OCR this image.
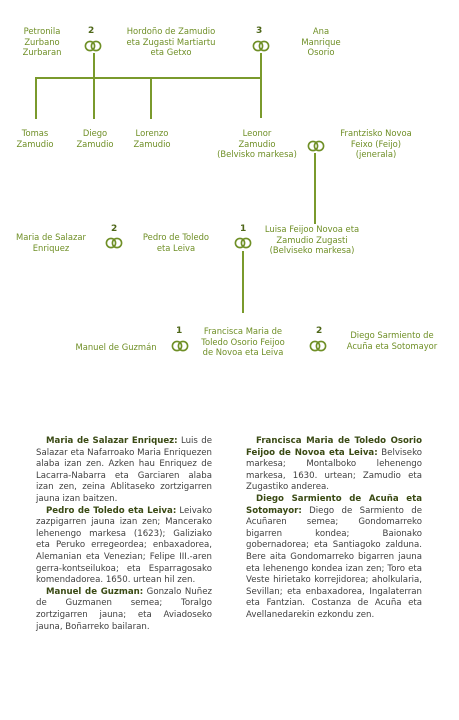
Petronila
Zurbano
Zurbaran
2	Hordoño de Zamudio
eta Zugasti Martiartu
eta Getxo
3	Ana
Manrique
Osorio
Tomas
Zamudio
Diego
Zamudio
Lorenzo
Zamudio
Leonor
Zamudio
(Belvisko markesa)
Frantzisko Novoa
Feixo (Feijo)
(jenerala)
Maria de Salazar
Enriquez
2
Pedro de Toledo
eta Leiva
1	Luisa Feijoo Novoa eta
Zamudio Zugasti
(Belviseko markesa)
Manuel de Guzmán
1	Francisca Maria de
Toledo Osorio Feijoo
de Novoa eta Leiva
2	Diego Sarmiento de
Acuña eta Sotomayor

Maria de Salazar Enriquez: Luis de Salazar eta Nafarroako Maria Enriquezen alaba izan zen. Azken hau Enriquez de Lacarra-Nabarra eta Garciaren alaba izan zen, zeina Ablitaseko zortzigarren jauna izan baitzen.

Pedro de Toledo eta Leiva: Leivako zazpigarren jauna izan zen; Mancerako lehenengo markesa (1623); Galiziako eta Peruko erregeordea; enbaxadorea, Alemanian eta Venezian; Felipe III.-aren gerra-kontseilukoa; eta Esparragosako komendadorea. 1650. urtean hil zen.

Manuel de Guzman: Gonzalo Nuñez de Guzmanen semea; Toralgo zortzigarren jauna; eta Aviadoseko jauna, Boñarreko bailaran.

Francisca Maria de Toledo Osorio Feijoo de Novoa eta Leiva: Belviseko markesa; Montalboko lehenengo markesa, 1630. urtean; Zamudio eta Zugastiko anderea.

Diego Sarmiento de Acuña eta Sotomayor: Diego de Sarmiento de Acuñaren semea; Gondomarreko bigarren kondea; Baionako gobernadorea; eta Santiagoko zalduna. Bere aita Gondomarreko bigarren jauna eta lehenengo kondea izan zen; Toro eta Veste hirietako korrejidorea; aholkularia, Sevillan; eta enbaxadorea, Ingalaterran eta Fantzian. Costanza de Acuña eta Avellanedarekin ezkondu zen.
